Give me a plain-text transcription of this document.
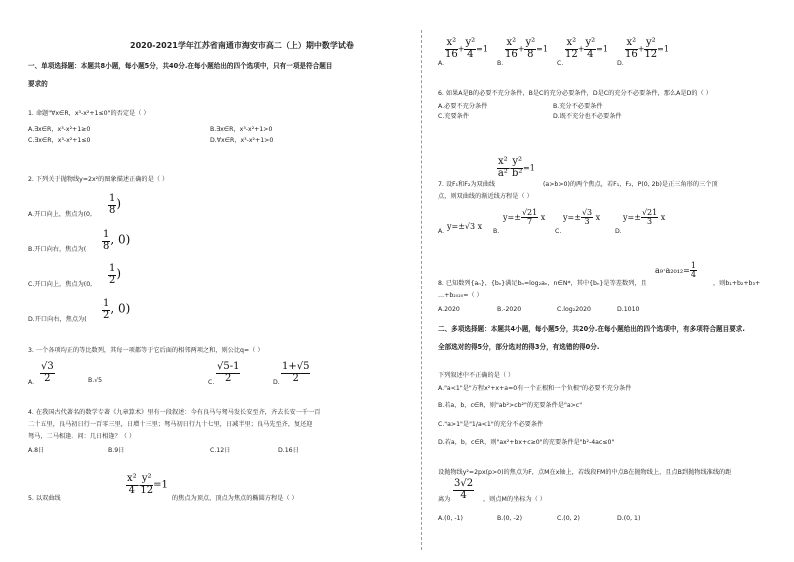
2020-2021学年江苏省南通市海安市高二（上）期中数学试卷
一、单项选择题：本题共8小题，每小题5分，共40分.在每小题给出的四个选项中，只有一项是符合题目
要求的
1. 命题"∀x∈R，x³-x²+1≤0"的否定是（ ）
A.∃x∈R，x³-x²+1≥0	B.∃x∈R，x³-x²+1>0
C.∃x∈R，x³-x²+1≤0	D.∀x∈R，x³-x²+1>0
2. 下列关于抛物线y=2x²的图象描述正确的是（ ）
A.开口向上，焦点为(0, $\frac{1}{8}$ )
B.开口向右，焦点为( $\frac{1}{8}$ , 0)
C.开口向上，焦点为(0, $\frac{1}{2}$ )
D.开口向右，焦点为( $\frac{1}{2}$ , 0)
3. 一个各项均正的等比数列，其每一项都等于它后面的相邻两项之和，则公比q=（ ）
A. $\frac{√3}{2}$	B.√5	C. $\frac{√5-1}{2}$	D. $\frac{1+√5}{2}$
4. 在我国古代著名的数学专著《九章算术》里有一段叙述：今有良马与驽马发长安至齐，齐去长安一千一百
二十五里，良马初日行一百零三里，日增十三里；驽马初日行九十七里，日减半里；良马先至齐，复还迎
驽马，二马相逢．问：几日相逢？（ ）
A.8日	B.9日	C.12日	D.16日
5. 以双曲线
$\frac{\text{x²}}{4} - \frac{\text{y²}}{12} =1$
的焦点为顶点，顶点为焦点的椭圆方程是（ ）
A.
$\frac{\text{x²}}{16} + \frac{\text{y²}}{4} =1$
B.
$\frac{\text{x²}}{16} + \frac{\text{y²}}{8} =1$
C.
$\frac{\text{x²}}{12} + \frac{\text{y²}}{4} =1$
D.
$\frac{\text{x²}}{16} + \frac{\text{y²}}{12} =1$
6. 如果A是B的必要不充分条件，B是C的充分必要条件，D是C的充分不必要条件，那么A是D的（ ）
A.必要不充分条件	B.充分不必要条件
C.充要条件	D.既不充分也不必要条件
$\frac{\text{x²}}{\text{a²}} - \frac{\text{y²}}{\text{b²}} =1$
7. 设F₁和F₂为双曲线	(a>b>0)的两个焦点，若F₁，F₂，P(0, 2b)是正三角形的三个顶
点，则双曲线的渐近线方程是（ ）
A.
y=±√3 x
B.
$y=\pm \frac{√21}{7}$ x
C.
$y=\pm \frac{√3}{3}$ x
D.
$y=\pm \frac{√21}{3}$ x
8. 已知数列{aₙ}，{bₙ}满足bₙ=log₂aₙ，n∈N*，其中{bₙ}是等差数列，且
$a_9\cdot a_{2012}= \frac{1}{4}$
，则b₁+b₂+b₃+
…+b₂₀₂₀=（ ）
A.2020	B.-2020	C.log₂2020	D.1010
二、多项选择题：本题共4小题，每小题5分，共20分.在每小题给出的四个选项中，有多项符合题目要求.
全部选对的得5分，部分选对的得3分，有选错的得0分.
下列叙述中不正确的是（ ）
A."a<1"是"方程x²+x+a=0有一个正根和一个负根"的必要不充分条件
B.若a，b，c∈R，则"ab²>cb²"的充要条件是"a>c"
C."a>1"是"1/a<1"的充分不必要条件
D.若a，b，c∈R，则"ax²+bx+c≥0"的充要条件是"b²-4ac≤0"
设抛物线y²=2px(p>0)的焦点为F，点M在x轴上，若线段FM的中点B在抛物线上，且点B到抛物线准线的距
离为 $\frac{3√2}{4}$ ，则点M的坐标为（ ）
A.(0, -1)	B.(0, -2)	C.(0, 2)	D.(0, 1)
